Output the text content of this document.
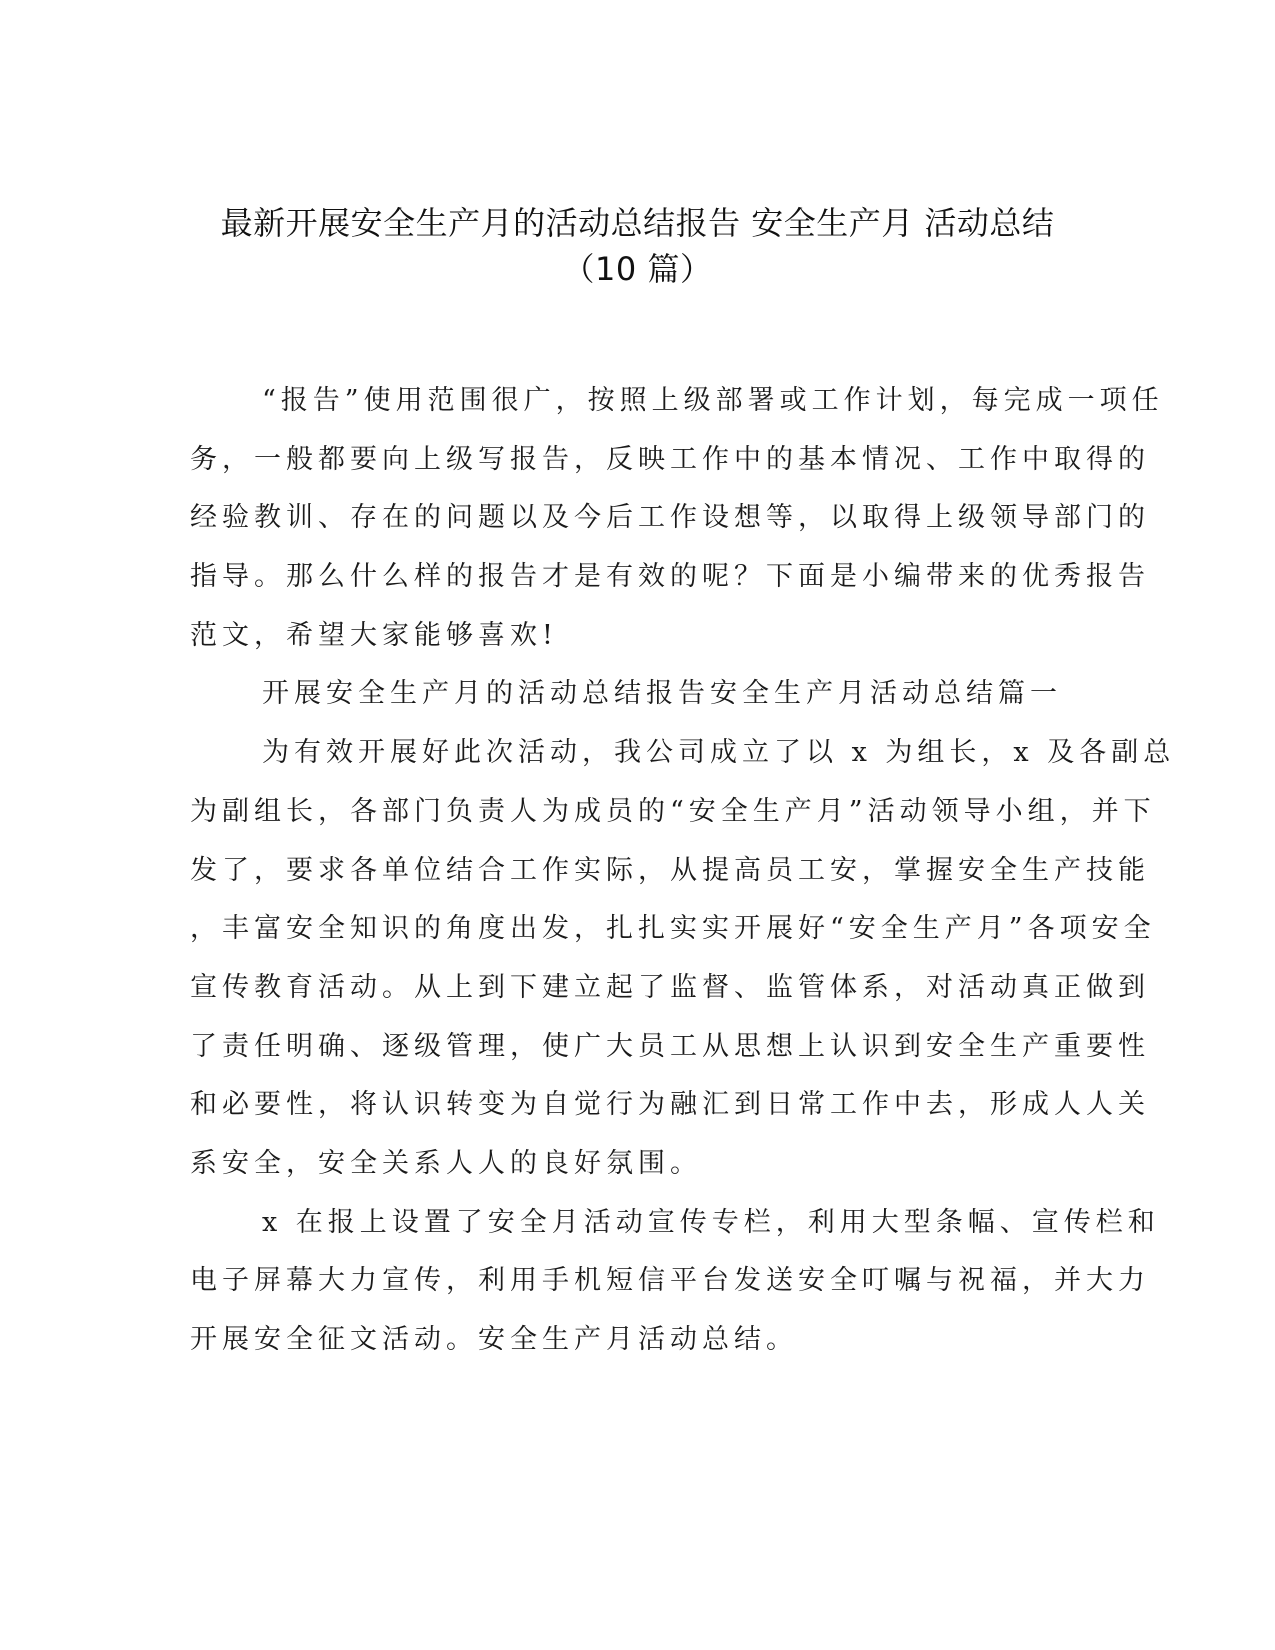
最新开展安全生产月的活动总结报告 安全生产月 活动总结
（10 篇）
“报告”使用范围很广，按照上级部署或工作计划，每完成一项任
务，一般都要向上级写报告，反映工作中的基本情况、工作中取得的
经验教训、存在的问题以及今后工作设想等，以取得上级领导部门的
指导。那么什么样的报告才是有效的呢？下面是小编带来的优秀报告
范文，希望大家能够喜欢!
开展安全生产月的活动总结报告安全生产月活动总结篇一
为有效开展好此次活动，我公司成立了以 x 为组长，x 及各副总
为副组长，各部门负责人为成员的“安全生产月”活动领导小组，并下
发了，要求各单位结合工作实际，从提高员工安，掌握安全生产技能
，丰富安全知识的角度出发，扎扎实实开展好“安全生产月”各项安全
宣传教育活动。从上到下建立起了监督、监管体系，对活动真正做到
了责任明确、逐级管理，使广大员工从思想上认识到安全生产重要性
和必要性，将认识转变为自觉行为融汇到日常工作中去，形成人人关
系安全，安全关系人人的良好氛围。
x 在报上设置了安全月活动宣传专栏，利用大型条幅、宣传栏和
电子屏幕大力宣传，利用手机短信平台发送安全叮嘱与祝福，并大力
开展安全征文活动。安全生产月活动总结。
